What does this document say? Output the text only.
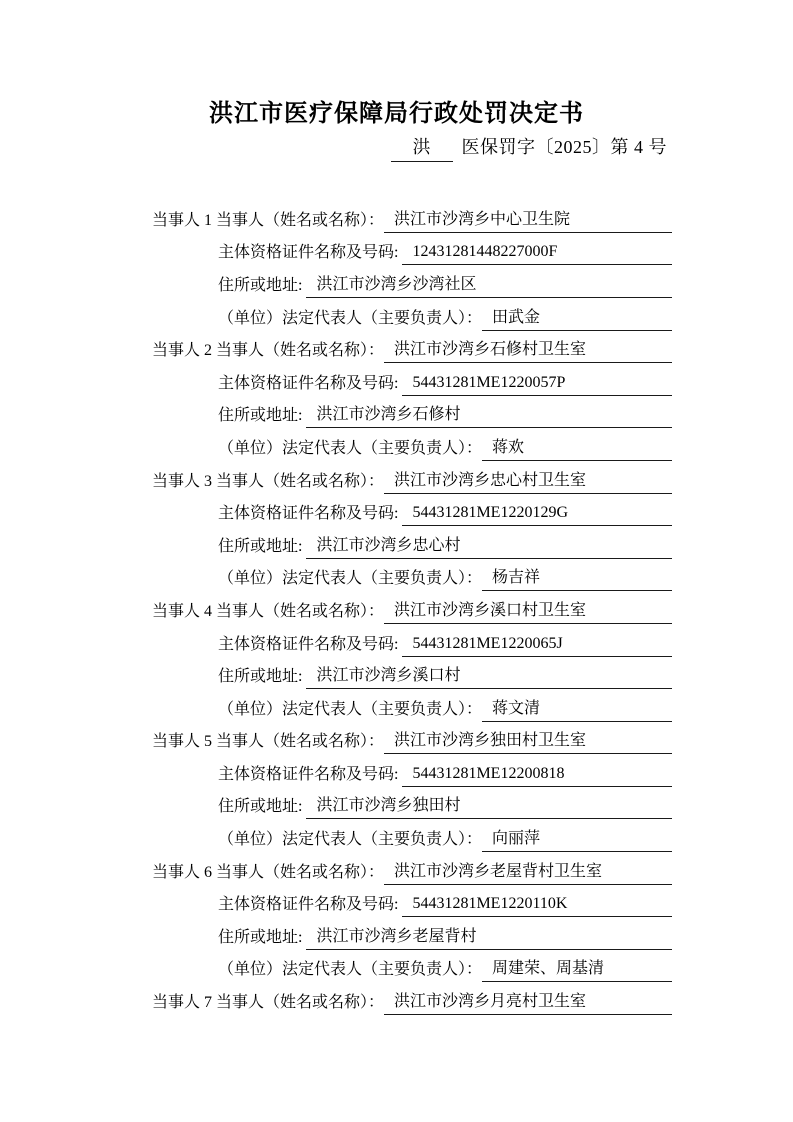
洪江市医疗保障局行政处罚决定书
洪 医保罚字〔2025〕第 4 号
当事人 1 当事人（姓名或名称）： 洪江市沙湾乡中心卫生院
主体资格证件名称及号码: 12431281448227000F
住所或地址: 洪江市沙湾乡沙湾社区
（单位）法定代表人（主要负责人）： 田武金
当事人 2 当事人（姓名或名称）： 洪江市沙湾乡石修村卫生室
主体资格证件名称及号码: 54431281ME1220057P
住所或地址: 洪江市沙湾乡石修村
（单位）法定代表人（主要负责人）： 蒋欢
当事人 3 当事人（姓名或名称）： 洪江市沙湾乡忠心村卫生室
主体资格证件名称及号码: 54431281ME1220129G
住所或地址: 洪江市沙湾乡忠心村
（单位）法定代表人（主要负责人）： 杨吉祥
当事人 4 当事人（姓名或名称）： 洪江市沙湾乡溪口村卫生室
主体资格证件名称及号码: 54431281ME1220065J
住所或地址: 洪江市沙湾乡溪口村
（单位）法定代表人（主要负责人）： 蒋文清
当事人 5 当事人（姓名或名称）： 洪江市沙湾乡独田村卫生室
主体资格证件名称及号码: 54431281ME12200818
住所或地址: 洪江市沙湾乡独田村
（单位）法定代表人（主要负责人）： 向丽萍
当事人 6 当事人（姓名或名称）： 洪江市沙湾乡老屋背村卫生室
主体资格证件名称及号码: 54431281ME1220110K
住所或地址: 洪江市沙湾乡老屋背村
（单位）法定代表人（主要负责人）： 周建荣、周基清
当事人 7 当事人（姓名或名称）： 洪江市沙湾乡月亮村卫生室
